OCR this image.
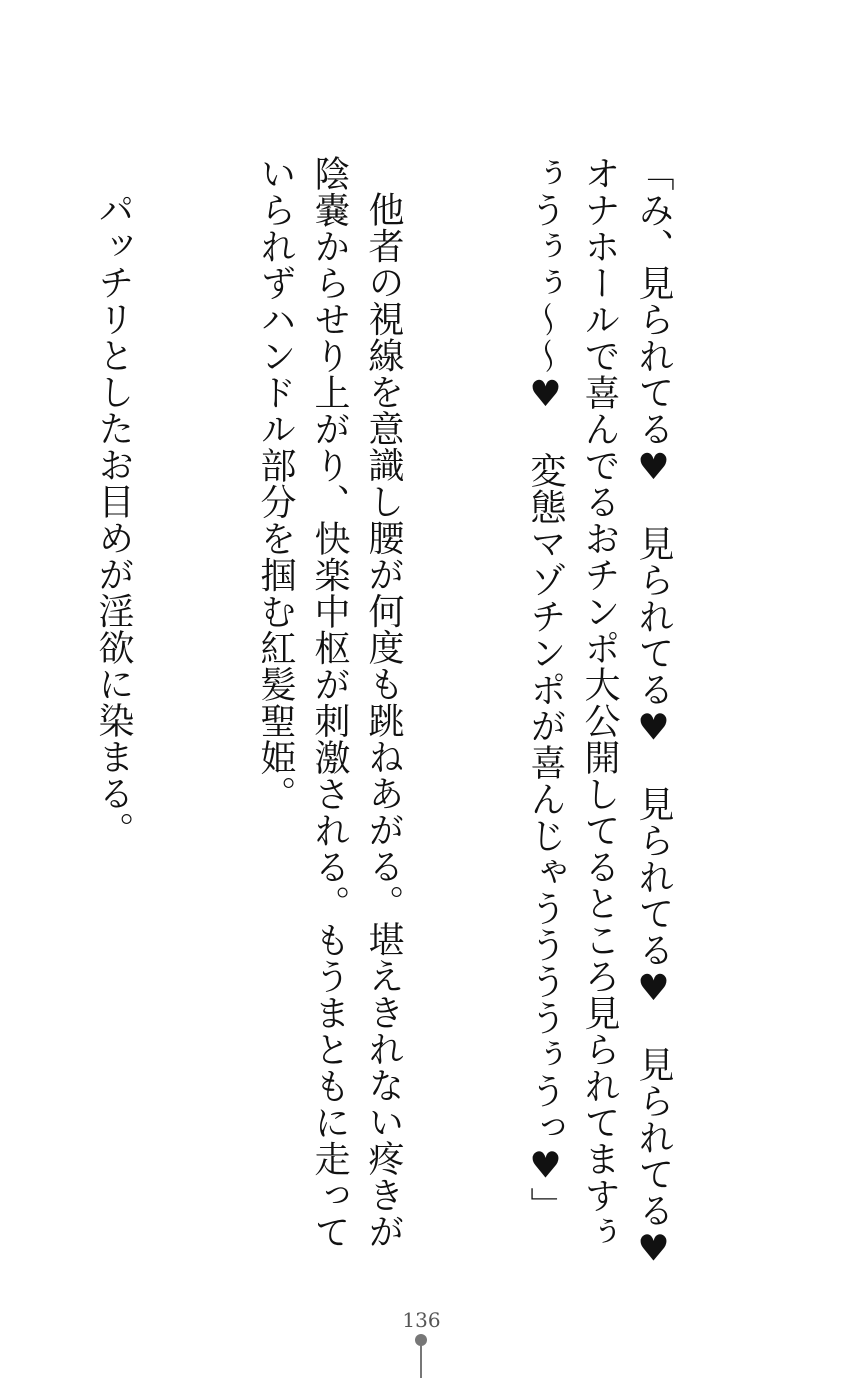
「み、見られてる♥　見られてる♥　見られてる♥　見られてる♥　オナホールで喜んでるおチンポ大公開してるところ見られてますぅぅうぅぅ〜〜♥　変態マゾチンポが喜んじゃううううぅうっ♥」

他者の視線を意識し腰が何度も跳ねあがる。堪えきれない疼きが陰嚢からせり上がり、快楽中枢が刺激される。もうまともに走っていられずハンドル部分を掴む紅髪聖姫。

パッチリとしたお目めが淫欲に染まる。

136
